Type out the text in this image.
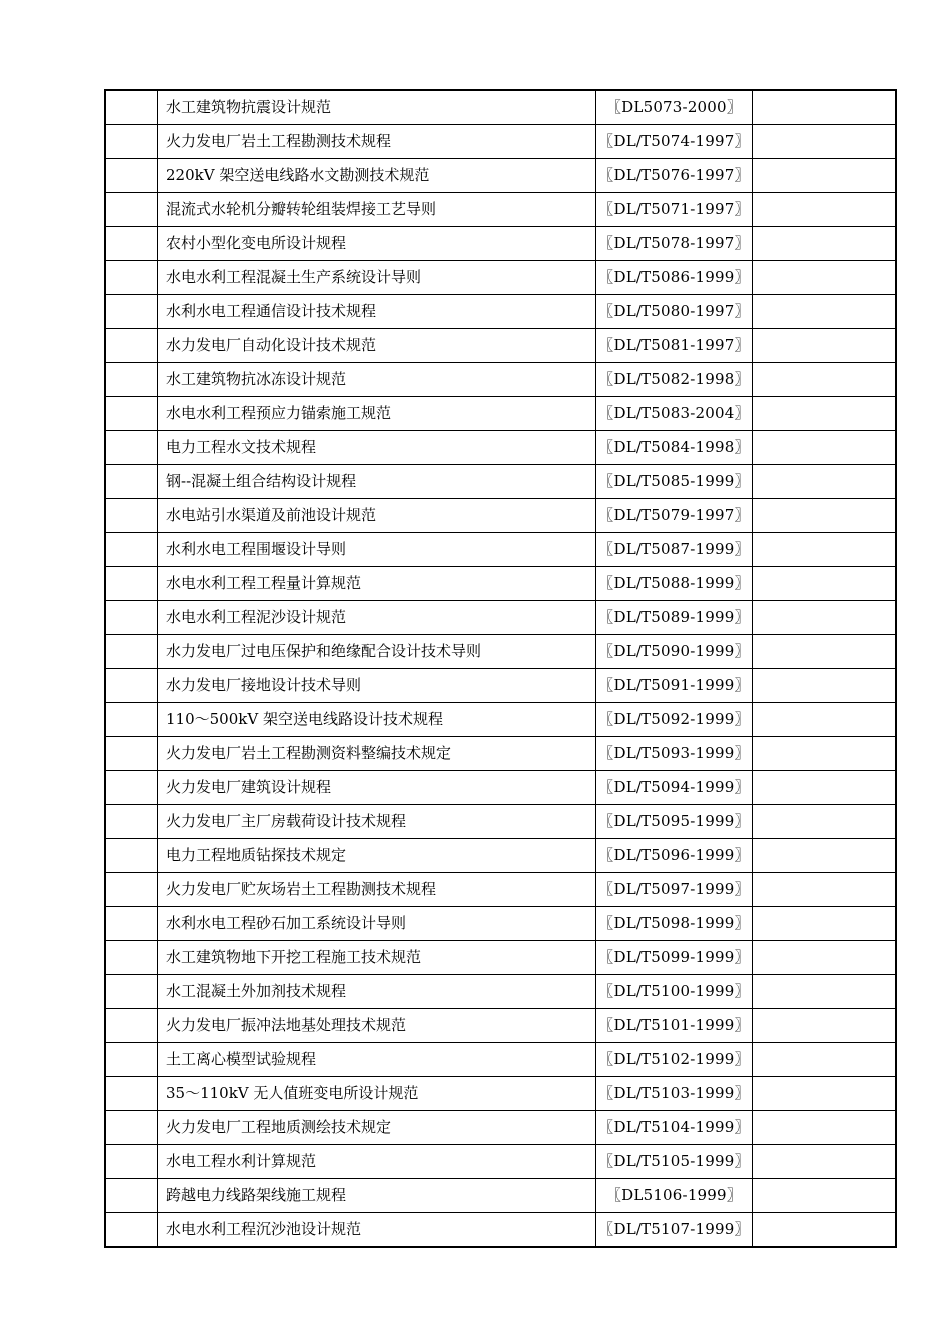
	水工建筑物抗震设计规范	〖DL5073-2000〗	
	火力发电厂岩土工程勘测技术规程	〖DL/T5074-1997〗	
	220kV 架空送电线路水文勘测技术规范	〖DL/T5076-1997〗	
	混流式水轮机分瓣转轮组装焊接工艺导则	〖DL/T5071-1997〗	
	农村小型化变电所设计规程	〖DL/T5078-1997〗	
	水电水利工程混凝土生产系统设计导则	〖DL/T5086-1999〗	
	水利水电工程通信设计技术规程	〖DL/T5080-1997〗	
	水力发电厂自动化设计技术规范	〖DL/T5081-1997〗	
	水工建筑物抗冰冻设计规范	〖DL/T5082-1998〗	
	水电水利工程预应力锚索施工规范	〖DL/T5083-2004〗	
	电力工程水文技术规程	〖DL/T5084-1998〗	
	钢--混凝土组合结构设计规程	〖DL/T5085-1999〗	
	水电站引水渠道及前池设计规范	〖DL/T5079-1997〗	
	水利水电工程围堰设计导则	〖DL/T5087-1999〗	
	水电水利工程工程量计算规范	〖DL/T5088-1999〗	
	水电水利工程泥沙设计规范	〖DL/T5089-1999〗	
	水力发电厂过电压保护和绝缘配合设计技术导则	〖DL/T5090-1999〗	
	水力发电厂接地设计技术导则	〖DL/T5091-1999〗	
	110～500kV 架空送电线路设计技术规程	〖DL/T5092-1999〗	
	火力发电厂岩土工程勘测资料整编技术规定	〖DL/T5093-1999〗	
	火力发电厂建筑设计规程	〖DL/T5094-1999〗	
	火力发电厂主厂房载荷设计技术规程	〖DL/T5095-1999〗	
	电力工程地质钻探技术规定	〖DL/T5096-1999〗	
	火力发电厂贮灰场岩土工程勘测技术规程	〖DL/T5097-1999〗	
	水利水电工程砂石加工系统设计导则	〖DL/T5098-1999〗	
	水工建筑物地下开挖工程施工技术规范	〖DL/T5099-1999〗	
	水工混凝土外加剂技术规程	〖DL/T5100-1999〗	
	火力发电厂振冲法地基处理技术规范	〖DL/T5101-1999〗	
	土工离心模型试验规程	〖DL/T5102-1999〗	
	35～110kV 无人值班变电所设计规范	〖DL/T5103-1999〗	
	火力发电厂工程地质测绘技术规定	〖DL/T5104-1999〗	
	水电工程水利计算规范	〖DL/T5105-1999〗	
	跨越电力线路架线施工规程	〖DL5106-1999〗	
	水电水利工程沉沙池设计规范	〖DL/T5107-1999〗	
